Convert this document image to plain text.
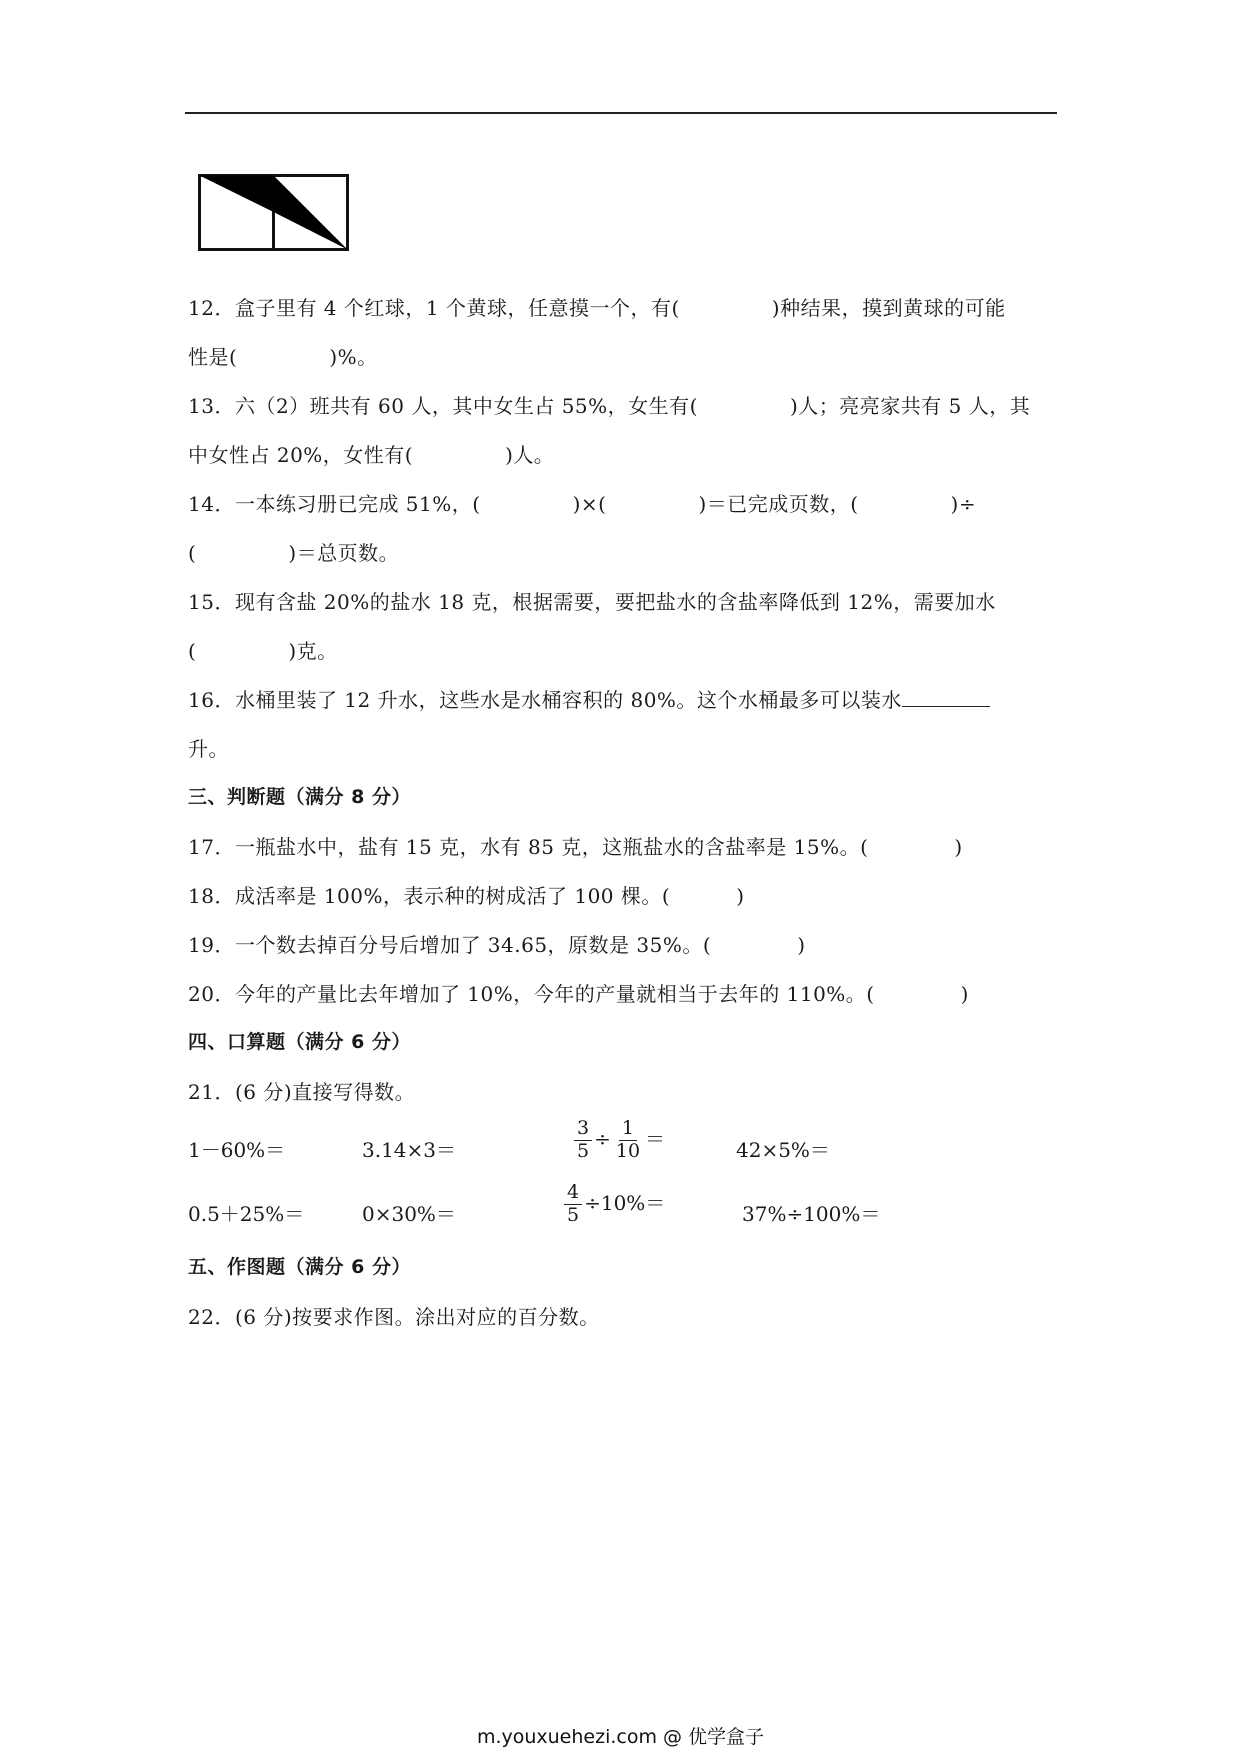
12．盒子里有 4 个红球，1 个黄球，任意摸一个，有(	)种结果，摸到黄球的可能
性是(	)%。
13．六（2）班共有 60 人，其中女生占 55%，女生有(	)人；亮亮家共有 5 人，其
中女性占 20%，女性有(	)人。
14．一本练习册已完成 51%，(	)×(	)＝已完成页数，(	)÷
(	)＝总页数。
15．现有含盐 20%的盐水 18 克，根据需要，要把盐水的含盐率降低到 12%，需要加水
(	)克。
16．水桶里装了 12 升水，这些水是水桶容积的 80%。这个水桶最多可以装水
升。
三、判断题（满分 8 分）
17．一瓶盐水中，盐有 15 克，水有 85 克，这瓶盐水的含盐率是 15%。(	)
18．成活率是 100%，表示种的树成活了 100 棵。(	)
19．一个数去掉百分号后增加了 34.65，原数是 35%。(	)
20．今年的产量比去年增加了 10%，今年的产量就相当于去年的 110%。(	)
四、口算题（满分 6 分）
21．(6 分)直接写得数。
1－60%＝	3.14×3＝	$\frac{3}{5} \div \frac{1}{10}$ ＝	42×5%＝
0.5＋25%＝	0×30%＝	$\frac{4}{5} \div 10\%=$	37%÷100%＝
五、作图题（满分 6 分）
22．(6 分)按要求作图。涂出对应的百分数。
m.youxuehezi.com @ 优学盒子
